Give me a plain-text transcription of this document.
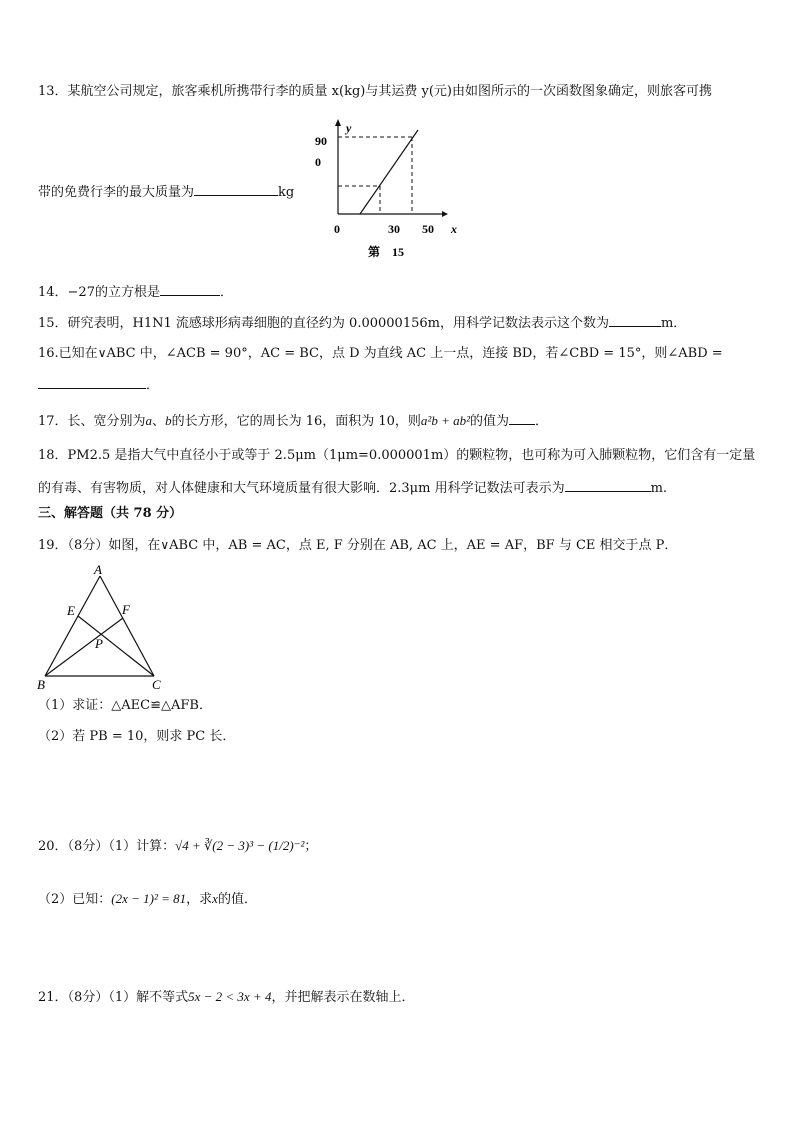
13．某航空公司规定，旅客乘机所携带行李的质量 x(kg)与其运费 y(元)由如图所示的一次函数图象确定，则旅客可携
y
x
90
0
0	30 50
第 15
带的免费行李的最大质量为	kg
14．−27的立方根是	．
15．研究表明，H1N1 流感球形病毒细胞的直径约为 0.00000156m，用科学记数法表示这个数为	m．
16.已知在∨ABC 中，∠ACB = 90°，AC = BC，点 D 为直线 AC 上一点，连接 BD，若∠CBD = 15°，则∠ABD =
．
17．长、宽分别为a、b的长方形，它的周长为 16，面积为 10，则a²b + ab²的值为 ．
18．PM2.5 是指大气中直径小于或等于 2.5μm（1μm=0.000001m）的颗粒物，也可称为可入肺颗粒物，它们含有一定量
的有毒、有害物质，对人体健康和大气环境质量有很大影响．2.3μm 用科学记数法可表示为	m.
三、解答题（共 78 分）
19．（8分）如图，在∨ABC 中，AB = AC，点 E, F 分别在 AB, AC 上，AE = AF，BF 与 CE 相交于点 P．
A
B	C
E	F
P
（1）求证：△AEC≌△AFB．
（2）若 PB = 10，则求 PC 长．
20．（8分）（1）计算：√4 + ∛(2 − 3)³ − (1/2)⁻²；
（2）已知：(2x − 1)² = 81，求x的值．
21．（8分）（1）解不等式5x − 2 < 3x + 4，并把解表示在数轴上．
